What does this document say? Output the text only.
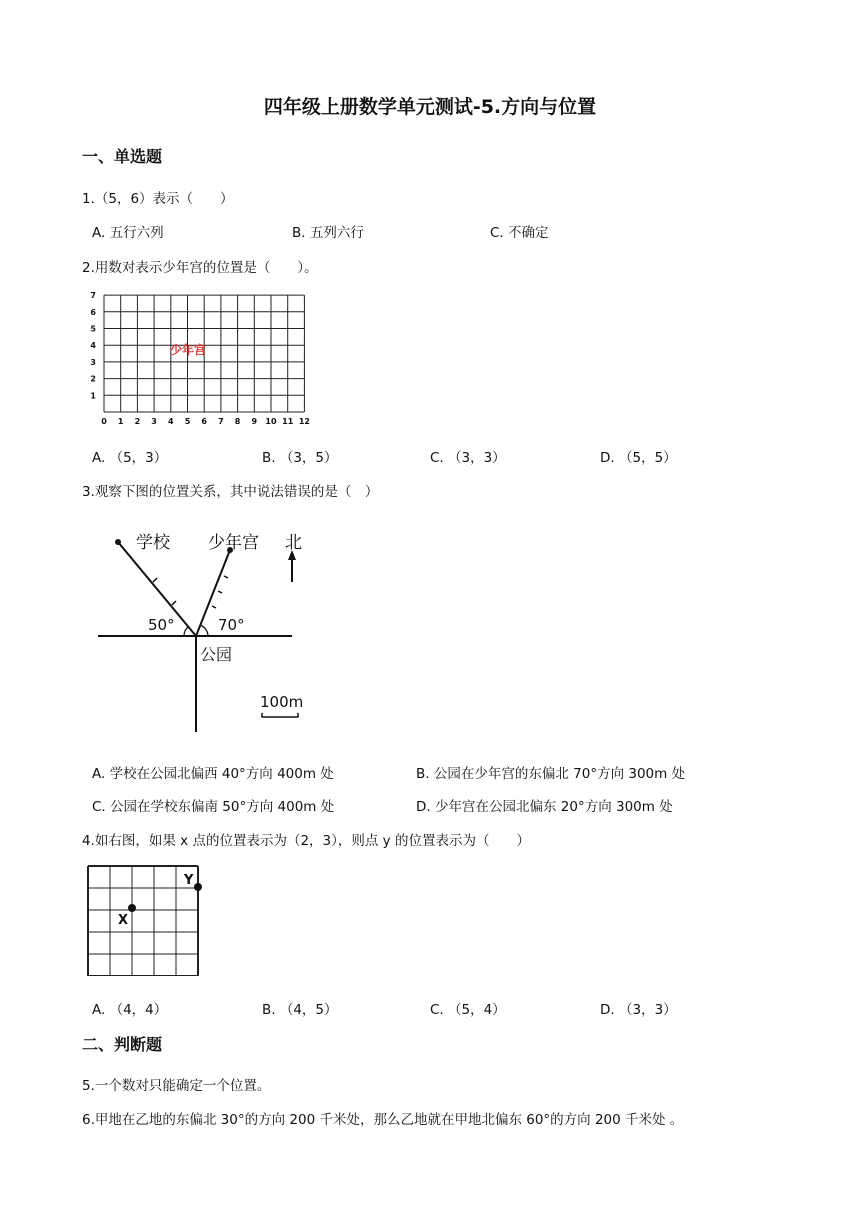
四年级上册数学单元测试-5.方向与位置
一、单选题
1.（5，6）表示（　　）
A. 五行六列	B. 五列六行	C. 不确定
2.用数对表示少年宫的位置是（　　）。
0 1 2 3 4 5 6 7 8 9 10 11 12
1
2
3
4
5
6
7
少年宫
A. （5，3）	B. （3，5）	C. （3，3）	D. （5，5）
3.观察下图的位置关系，其中说法错误的是（　）
学校 少年宫 北
50°	70°
公园
100m
A. 学校在公园北偏西 40°方向 400m 处	B. 公园在少年宫的东偏北 70°方向 300m 处
C. 公园在学校东偏南 50°方向 400m 处	D. 少年宫在公园北偏东 20°方向 300m 处
4.如右图，如果 x 点的位置表示为（2，3），则点 y 的位置表示为（　　）
X
Y
A. （4，4）	B. （4，5）	C. （5，4）	D. （3，3）
二、判断题
5.一个数对只能确定一个位置。
6.甲地在乙地的东偏北 30°的方向 200 千米处，那么乙地就在甲地北偏东 60°的方向 200 千米处 。
